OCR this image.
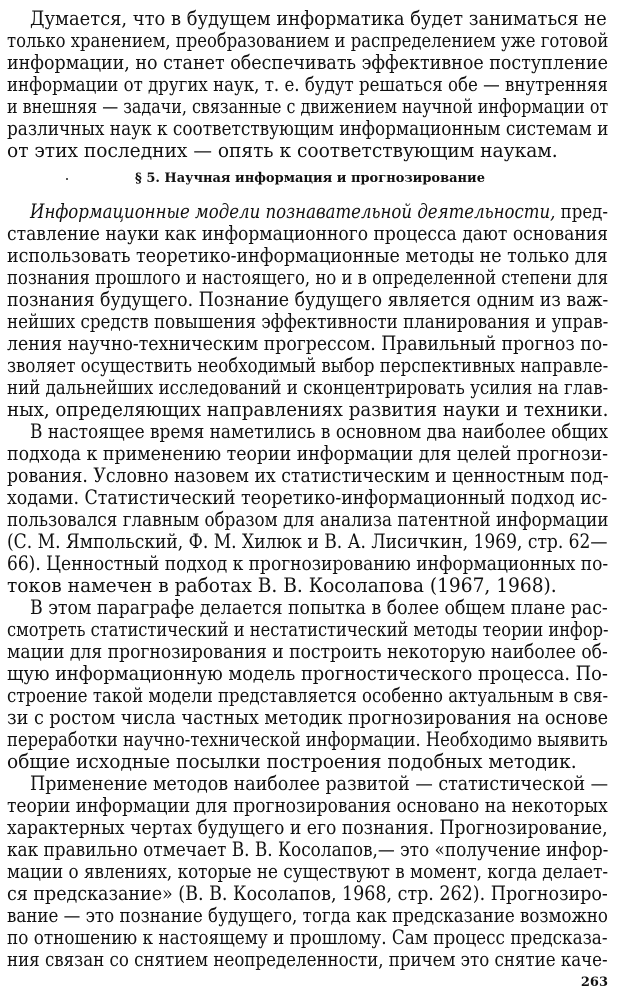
Думается, что в будущем информатика будет заниматься не
только хранением, преобразованием и распределением уже готовой
информации, но станет обеспечивать эффективное поступление
информации от других наук, т. е. будут решаться обе — внутренняя
и внешняя — задачи, связанные с движением научной информации от
различных наук к соответствующим информационным системам и
от этих последних — опять к соответствующим наукам.
Информационные модели познавательной деятельности, пред-
ставление науки как информационного процесса дают основания
использовать теоретико-информационные методы не только для
познания прошлого и настоящего, но и в определенной степени для
познания будущего. Познание будущего является одним из важ-
нейших средств повышения эффективности планирования и управ-
ления научно-техническим прогрессом. Правильный прогноз по-
зволяет осуществить необходимый выбор перспективных направле-
ний дальнейших исследований и сконцентрировать усилия на глав-
ных, определяющих направлениях развития науки и техники.
В настоящее время наметились в основном два наиболее общих
подхода к применению теории информации для целей прогнози-
рования. Условно назовем их статистическим и ценностным под-
ходами. Статистический теоретико-информационный подход ис-
пользовался главным образом для анализа патентной информации
(С. М. Ямпольский, Ф. М. Хилюк и В. А. Лисичкин, 1969, стр. 62—
66). Ценностный подход к прогнозированию информационных по-
токов намечен в работах В. В. Косолапова (1967, 1968).
В этом параграфе делается попытка в более общем плане рас-
смотреть статистический и нестатистический методы теории инфор-
мации для прогнозирования и построить некоторую наиболее об-
щую информационную модель прогностического процесса. По-
строение такой модели представляется особенно актуальным в свя-
зи с ростом числа частных методик прогнозирования на основе
переработки научно-технической информации. Необходимо выявить
общие исходные посылки построения подобных методик.
Применение методов наиболее развитой — статистической —
теории информации для прогнозирования основано на некоторых
характерных чертах будущего и его познания. Прогнозирование,
как правильно отмечает В. В. Косолапов,— это «получение инфор-
мации о явлениях, которые не существуют в момент, когда делает-
ся предсказание» (В. В. Косолапов, 1968, стр. 262). Прогнозиро-
вание — это познание будущего, тогда как предсказание возможно
по отношению к настоящему и прошлому. Сам процесс предсказа-
ния связан со снятием неопределенности, причем это снятие каче-
§ 5. Научная информация и прогнозирование
263
